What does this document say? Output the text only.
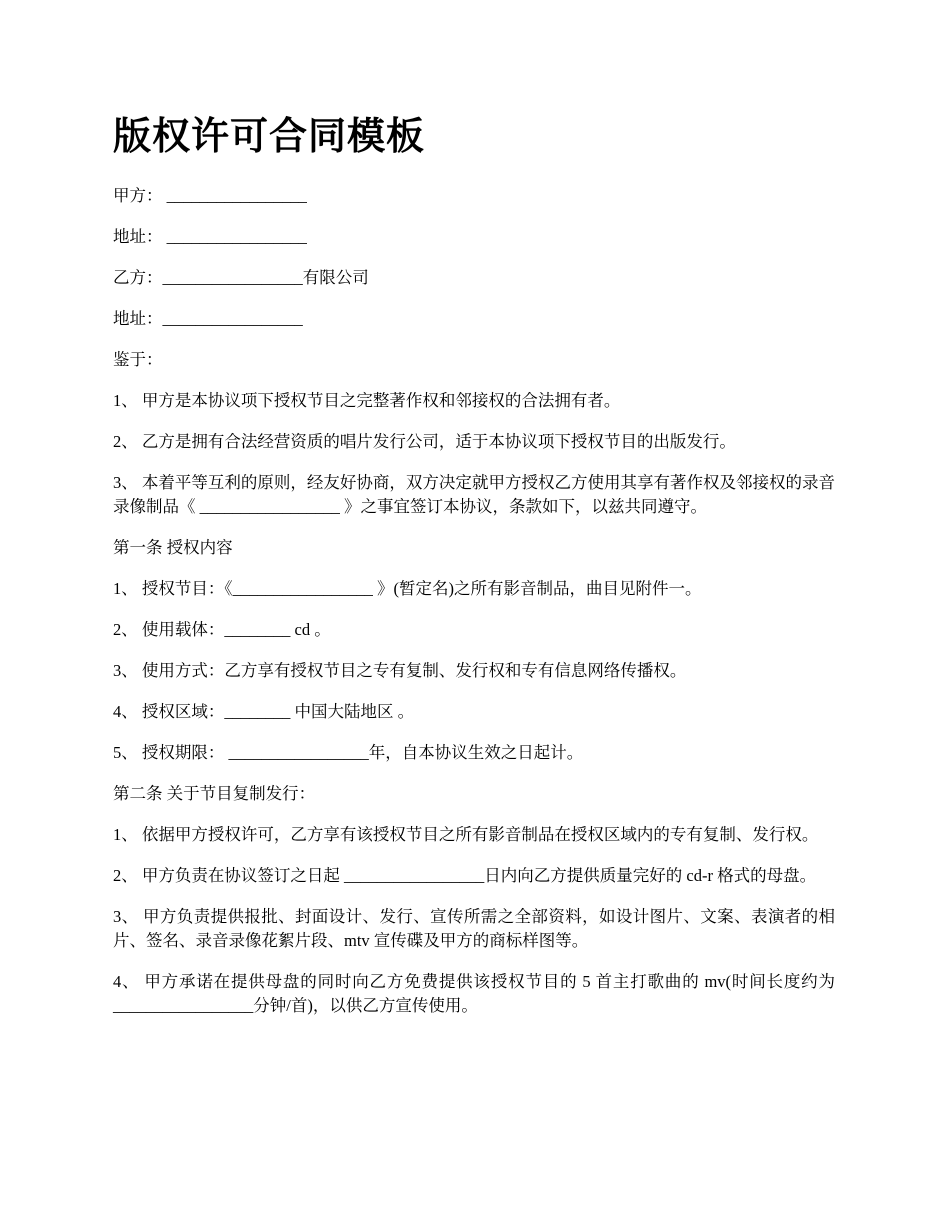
版权许可合同模板

甲方： _________________

地址： _________________

乙方：_________________有限公司

地址：_________________

鉴于：

1、 甲方是本协议项下授权节目之完整著作权和邻接权的合法拥有者。

2、 乙方是拥有合法经营资质的唱片发行公司，适于本协议项下授权节目的出版发行。

3、 本着平等互利的原则，经友好协商，双方决定就甲方授权乙方使用其享有著作权及邻接权的录音录像制品《 _________________ 》之事宜签订本协议，条款如下，以兹共同遵守。

第一条 授权内容

1、 授权节目：《_________________ 》(暂定名)之所有影音制品，曲目见附件一。

2、 使用载体：________ cd 。

3、 使用方式：乙方享有授权节目之专有复制、发行权和专有信息网络传播权。

4、 授权区域：________ 中国大陆地区 。

5、 授权期限： _________________年，自本协议生效之日起计。

第二条 关于节目复制发行：

1、 依据甲方授权许可，乙方享有该授权节目之所有影音制品在授权区域内的专有复制、发行权。

2、 甲方负责在协议签订之日起 _________________日内向乙方提供质量完好的 cd-r 格式的母盘。

3、 甲方负责提供报批、封面设计、发行、宣传所需之全部资料，如设计图片、文案、表演者的相片、签名、录音录像花絮片段、mtv 宣传碟及甲方的商标样图等。

4、 甲方承诺在提供母盘的同时向乙方免费提供该授权节目的 5 首主打歌曲的 mv(时间长度约为_________________分钟/首)，以供乙方宣传使用。
